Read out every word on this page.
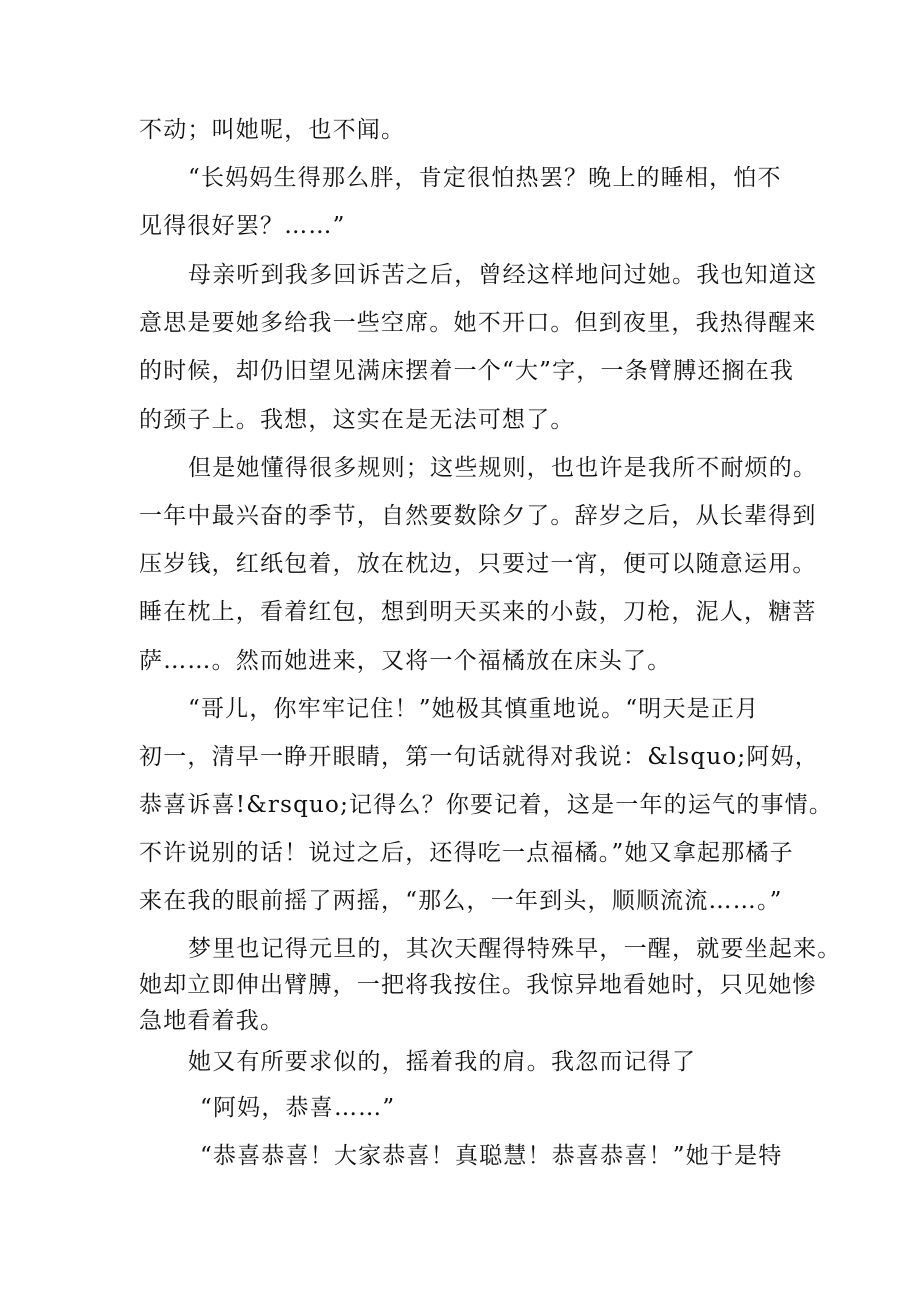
不动；叫她呢，也不闻。
“长妈妈生得那么胖，肯定很怕热罢？晚上的睡相，怕不
见得很好罢？……”
母亲听到我多回诉苦之后，曾经这样地问过她。我也知道这
意思是要她多给我一些空席。她不开口。但到夜里，我热得醒来
的时候，却仍旧望见满床摆着一个“大”字，一条臂膊还搁在我
的颈子上。我想，这实在是无法可想了。
但是她懂得很多规则；这些规则，也也许是我所不耐烦的。
一年中最兴奋的季节，自然要数除夕了。辞岁之后，从长辈得到
压岁钱，红纸包着，放在枕边，只要过一宵，便可以随意运用。
睡在枕上，看着红包，想到明天买来的小鼓，刀枪，泥人，糖菩
萨……。然而她进来，又将一个福橘放在床头了。
“哥儿，你牢牢记住！”她极其慎重地说。“明天是正月
初一，清早一睁开眼睛，第一句话就得对我说：&lsquo;阿妈，
恭喜诉喜!&rsquo;记得么？你要记着，这是一年的运气的事情。
不许说别的话！说过之后，还得吃一点福橘。”她又拿起那橘子
来在我的眼前摇了两摇，“那么，一年到头，顺顺流流……。”
梦里也记得元旦的，其次天醒得特殊早，一醒，就要坐起来。
她却立即伸出臂膊，一把将我按住。我惊异地看她时，只见她惨
急地看着我。
她又有所要求似的，摇着我的肩。我忽而记得了
“阿妈，恭喜……”
“恭喜恭喜！大家恭喜！真聪慧！恭喜恭喜！”她于是特
